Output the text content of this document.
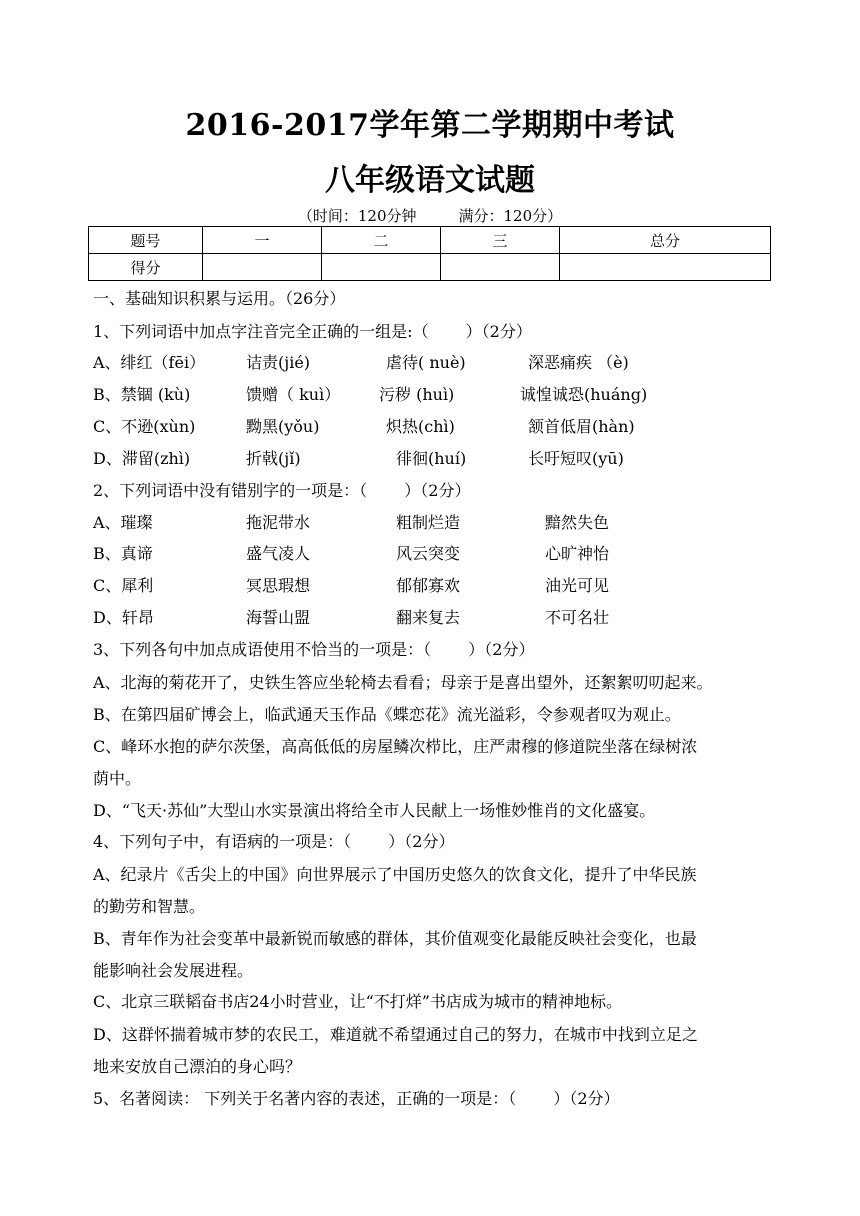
2016-2017学年第二学期期中考试
八年级语文试题
（时间：120分钟	满分：120分）
题号	一	二	三	总分
得分				
一、基础知识积累与运用。（26分）
1、下列词语中加点字注音完全正确的一组是:（　　 ）（2分）
A、绯红（fēi）	诘责(jié)	虐待( nuè)	深恶痛疾 （è)
B、禁锢 (kù)	馈赠（ kuì） 污秽 (huì)	诚惶诚恐(huáng)
C、不逊(xùn)	黝黑(yǒu)	炽热(chì)	颔首低眉(hàn)
D、滞留(zhì)	折戟(jǐ)	徘徊(huí)	长吁短叹(yū)
2、下列词语中没有错别字的一项是：（　　 ）（2分）
A、璀璨	拖泥带水	粗制烂造	黯然失色
B、真谛	盛气凌人	风云突变	心旷神怡
C、犀利	冥思瑕想	郁郁寡欢	油光可见
D、轩昂	海誓山盟	翻来复去	不可名壮
3、下列各句中加点成语使用不恰当的一项是：（　　 ）（2分）
A、北海的菊花开了，史铁生答应坐轮椅去看看；母亲于是喜出望外，还絮絮叨叨起来。
B、在第四届矿博会上，临武通天玉作品《蝶恋花》流光溢彩，令参观者叹为观止。
C、峰环水抱的萨尔茨堡，高高低低的房屋鳞次栉比，庄严肃穆的修道院坐落在绿树浓
荫中。
D、“飞天·苏仙”大型山水实景演出将给全市人民献上一场惟妙惟肖的文化盛宴。
4、下列句子中，有语病的一项是：（　　 ）（2分）
A、纪录片《舌尖上的中国》向世界展示了中国历史悠久的饮食文化，提升了中华民族
的勤劳和智慧。
B、青年作为社会变革中最新锐而敏感的群体，其价值观变化最能反映社会变化，也最
能影响社会发展进程。
C、北京三联韬奋书店24小时营业，让“不打烊”书店成为城市的精神地标。
D、这群怀揣着城市梦的农民工，难道就不希望通过自己的努力，在城市中找到立足之
地来安放自己漂泊的身心吗？
5、名著阅读： 下列关于名著内容的表述，正确的一项是：（　　 ）（2分）
